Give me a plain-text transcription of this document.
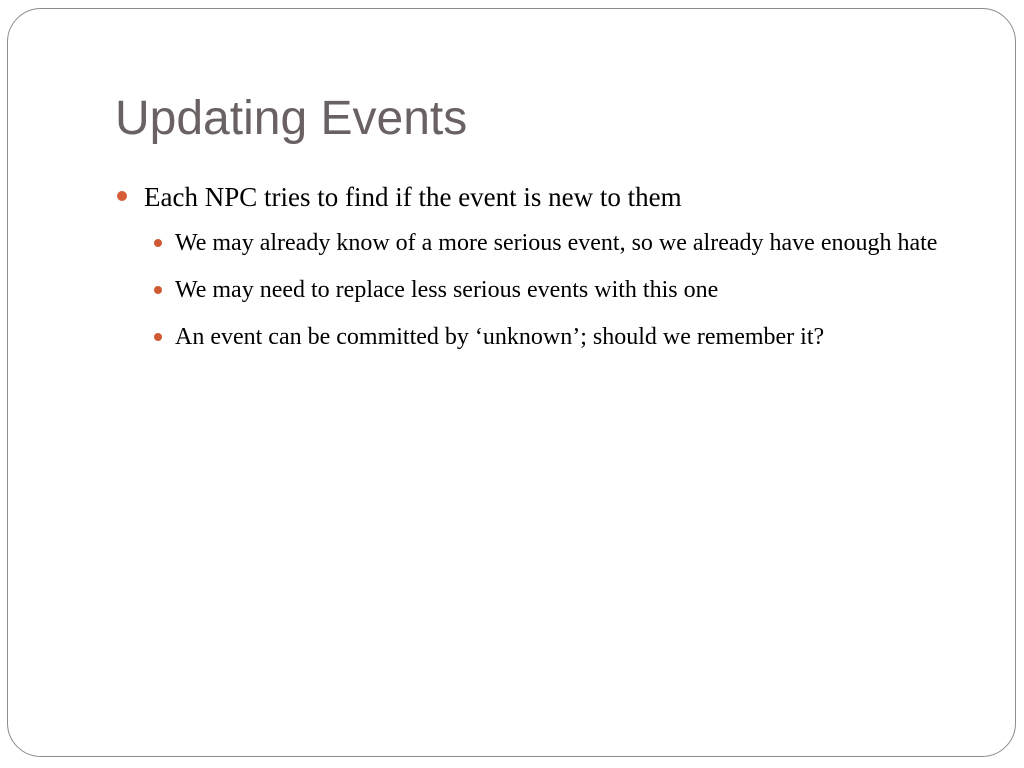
Updating Events
Each NPC tries to find if the event is new to them
We may already know of a more serious event, so we already have enough hate
We may need to replace less serious events with this one
An event can be committed by ‘unknown’; should we remember it?
